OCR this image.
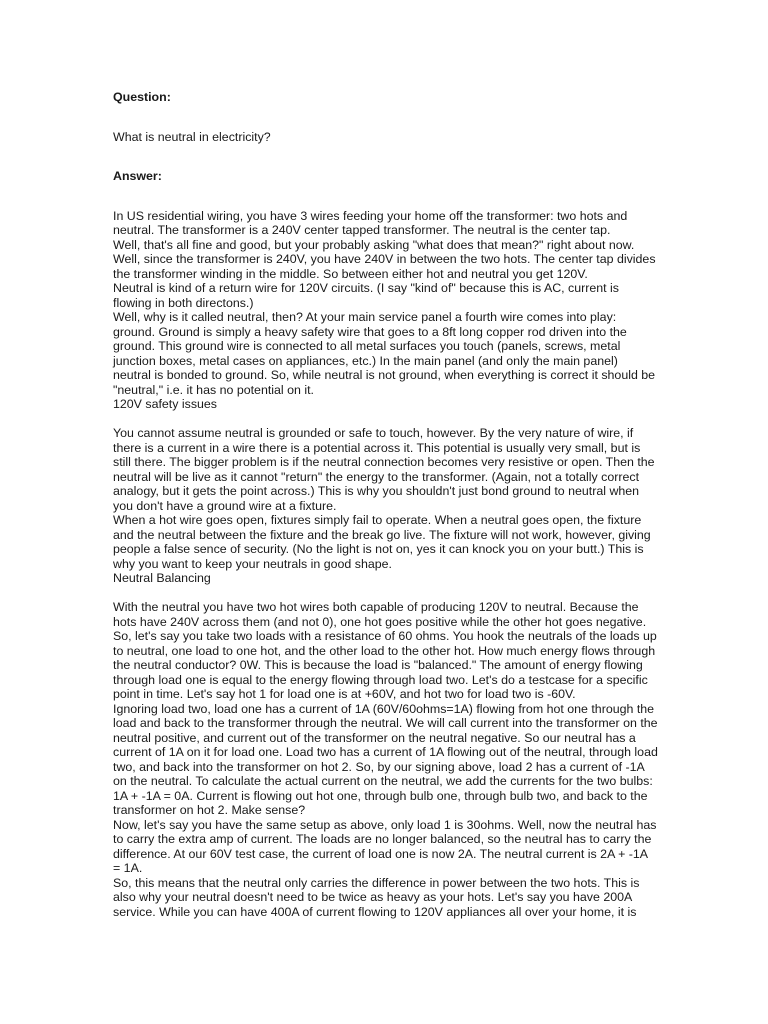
Question:

What is neutral in electricity?

Answer:

In US residential wiring, you have 3 wires feeding your home off the transformer: two hots and neutral. The transformer is a 240V center tapped transformer. The neutral is the center tap.

Well, that's all fine and good, but your probably asking "what does that mean?" right about now.

Well, since the transformer is 240V, you have 240V in between the two hots. The center tap divides the transformer winding in the middle. So between either hot and neutral you get 120V.

Neutral is kind of a return wire for 120V circuits. (I say "kind of" because this is AC, current is flowing in both directons.)

Well, why is it called neutral, then? At your main service panel a fourth wire comes into play: ground. Ground is simply a heavy safety wire that goes to a 8ft long copper rod driven into the ground. This ground wire is connected to all metal surfaces you touch (panels, screws, metal junction boxes, metal cases on appliances, etc.) In the main panel (and only the main panel) neutral is bonded to ground. So, while neutral is not ground, when everything is correct it should be "neutral," i.e. it has no potential on it.

120V safety issues

You cannot assume neutral is grounded or safe to touch, however. By the very nature of wire, if there is a current in a wire there is a potential across it. This potential is usually very small, but is still there. The bigger problem is if the neutral connection becomes very resistive or open. Then the neutral will be live as it cannot "return" the energy to the transformer. (Again, not a totally correct analogy, but it gets the point across.) This is why you shouldn't just bond ground to neutral when you don't have a ground wire at a fixture.

When a hot wire goes open, fixtures simply fail to operate. When a neutral goes open, the fixture and the neutral between the fixture and the break go live. The fixture will not work, however, giving people a false sence of security. (No the light is not on, yes it can knock you on your butt.) This is why you want to keep your neutrals in good shape.

Neutral Balancing

With the neutral you have two hot wires both capable of producing 120V to neutral. Because the hots have 240V across them (and not 0), one hot goes positive while the other hot goes negative. So, let's say you take two loads with a resistance of 60 ohms. You hook the neutrals of the loads up to neutral, one load to one hot, and the other load to the other hot. How much energy flows through the neutral conductor? 0W. This is because the load is "balanced." The amount of energy flowing through load one is equal to the energy flowing through load two. Let's do a testcase for a specific point in time. Let's say hot 1 for load one is at +60V, and hot two for load two is -60V.

Ignoring load two, load one has a current of 1A (60V/60ohms=1A) flowing from hot one through the load and back to the transformer through the neutral. We will call current into the transformer on the neutral positive, and current out of the transformer on the neutral negative. So our neutral has a current of 1A on it for load one. Load two has a current of 1A flowing out of the neutral, through load two, and back into the transformer on hot 2. So, by our signing above, load 2 has a current of -1A on the neutral. To calculate the actual current on the neutral, we add the currents for the two bulbs: 1A + -1A = 0A. Current is flowing out hot one, through bulb one, through bulb two, and back to the transformer on hot 2. Make sense?

Now, let's say you have the same setup as above, only load 1 is 30ohms. Well, now the neutral has to carry the extra amp of current. The loads are no longer balanced, so the neutral has to carry the difference. At our 60V test case, the current of load one is now 2A. The neutral current is 2A + -1A = 1A.

So, this means that the neutral only carries the difference in power between the two hots. This is also why your neutral doesn't need to be twice as heavy as your hots. Let's say you have 200A service. While you can have 400A of current flowing to 120V appliances all over your home, it is
